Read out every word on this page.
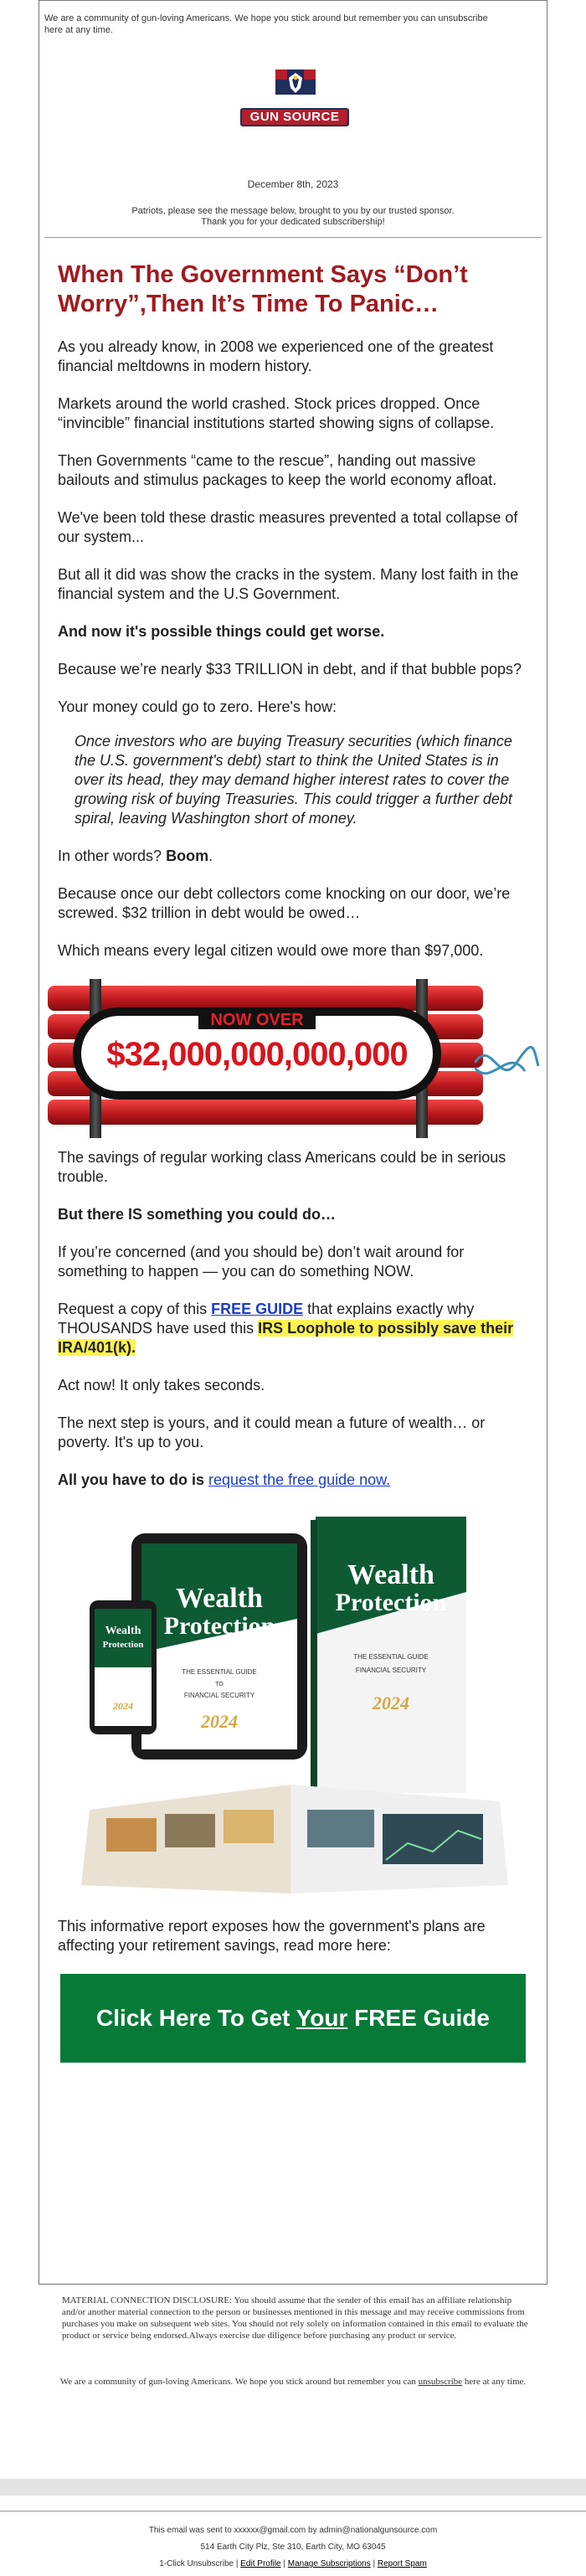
We are a community of gun-loving Americans. We hope you stick around but remember you can unsubscribe here at any time.
GUN SOURCE
December 8th, 2023
Patriots, please see the message below, brought to you by our trusted sponsor.
Thank you for your dedicated subscribership!
When The Government Says “Don’t Worry”,Then It’s Time To Panic…

As you already know, in 2008 we experienced one of the greatest financial meltdowns in modern history.

Markets around the world crashed. Stock prices dropped. Once “invincible” financial institutions started showing signs of collapse.

Then Governments “came to the rescue”, handing out massive bailouts and stimulus packages to keep the world economy afloat.

We've been told these drastic measures prevented a total collapse of our system...

But all it did was show the cracks in the system. Many lost faith in the financial system and the U.S Government.

And now it's possible things could get worse.

Because we’re nearly $33 TRILLION in debt, and if that bubble pops?

Your money could go to zero. Here's how:

Once investors who are buying Treasury securities (which finance the U.S. government's debt) start to think the United States is in over its head, they may demand higher interest rates to cover the growing risk of buying Treasuries. This could trigger a further debt spiral, leaving Washington short of money.

In other words? Boom.

Because once our debt collectors come knocking on our door, we’re screwed. $32 trillion in debt would be owed…

Which means every legal citizen would owe more than $97,000.

NOW OVER
$32,000,000,000,000

The savings of regular working class Americans could be in serious trouble.

But there IS something you could do…

If you’re concerned (and you should be) don’t wait around for something to happen — you can do something NOW.

Request a copy of this FREE GUIDE that explains exactly why THOUSANDS have used this IRS Loophole to possibly save their IRA/401(k).

Act now! It only takes seconds.

The next step is yours, and it could mean a future of wealth… or poverty. It's up to you.

All you have to do is request the free guide now.

Wealth
Protection
THE ESSENTIAL GUIDE
TO
FINANCIAL SECURITY
2024
Wealth
Protection
THE ESSENTIAL GUIDE
FINANCIAL SECURITY
2024
Wealth
Protection
2024

This informative report exposes how the government's plans are affecting your retirement savings, read more here:

Click Here To Get Your FREE Guide
MATERIAL CONNECTION DISCLOSURE: You should assume that the sender of this email has an affiliate relationship and/or another material connection to the person or businesses mentioned in this message and may receive commissions from purchases you make on subsequent web sites. You should not rely solely on information contained in this email to evaluate the product or service being endorsed.Always exercise due diligence before purchasing any product or service.
We are a community of gun-loving Americans. We hope you stick around but remember you can unsubscribe here at any time.
This email was sent to xxxxxx@gmail.com by admin@nationalgunsource.com
514 Earth City Plz, Ste 310, Earth City, MO 63045
1-Click Unsubscribe | Edit Profile | Manage Subscriptions | Report Spam
